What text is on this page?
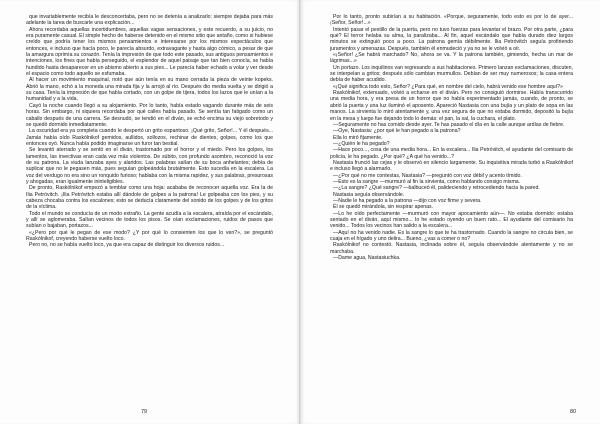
que invariablemente recibía le desconcertaba, pero no se detenía a analizarlo: siempre dejaba para más adelante la tarea de buscarle una explicación...

Ahora recordaba aquellas incertidumbres, aquellas vagas sensaciones, y este recuerdo, a su juicio, no era puramente casual. El simple hecho de haberse detenido en el mismo sitio que antaño, como si hubiese creído que podría tener los mismos pensamientos e interesarse por los mismos espectáculos que entonces, e incluso que hacía poco, le parecía absurdo, extravagante y hasta algo cómico, a pesar de que la amargura oprimía su corazón. Tenía la impresión de que todo este pasado, sus antiguos pensamientos e intenciones, los fines que había perseguido, el esplendor de aquel paisaje que tan bien conocía, se había hundido hasta desaparecer en un abismo abierto a sus pies... Le parecía haber echado a volar y ver desde el espacio como todo aquello se esfumaba.

Al hacer un movimiento maquinal, notó que aún tenía en su mano cerrada la pieza de veinte kopeks. Abrió la mano, echó a la moneda una mirada fija y la arrojó al río. Después dio media vuelta y se dirigió a su casa. Tenía la impresión de que había cortado, con un golpe de tijera, todos los lazos que le unían a la humanidad y a la vida.

Cayó la noche cuando llegó a su alojamiento. Por lo tanto, había estado vagando durante más de seis horas. Sin embargo, ni siquiera recordaba por qué calles había pasado. Se sentía tan fatigado como un caballo después de una carrera. Se desnudó, se tendió en el diván, se echó encima su viejo sobretodo y se quedó dormido inmediatamente.

La oscuridad era ya completa cuando le despertó un grito espantoso. ¡Qué grito, Señor!... Y él después... Jamás había oído Raskólnikof gemidos, aullidos, sollozos, rechinar de dientes, golpes, como los que entonces oyó. Nunca había podido imaginarse un furor tan bestial.

Se levantó aterrado y se sentó en el diván, trastornado por el horror y el miedo. Pero los golpes, los lamentos, las invectivas eran cada vez más violentos. De súbito, con profundo asombro, reconoció la voz de su patrona. La viuda lanzaba ayes y alaridos. Las palabras salían de su boca anhelantes; debía de suplicar que no le pegasen más, pues seguían golpeándola brutalmente. Esto sucedía en la escalera. La voz del verdugo no era sino un ronquido furioso; hablaba con la misma rapidez, y sus palabras, presurosas y ahogadas, eran igualmente ininteligibles.

De pronto, Raskólnikof empezó a temblar como una hoja: acababa de reconocer aquella voz. Era la de Ilia Petróvitch. ¡Ilia Petróvitch estaba allí dándole de golpes a la patrona! Le golpeaba con los pies, y su cabeza chocaba contra los escalones; esto se deducía claramente del sonido de los golpes y de los gritos de la víctima.

Todo el mundo se conducía de un modo extraño. La gente acudía a la escalera, atraída por el escándalo, y allí se aglomeraba. Salían vecinos de todos los pisos. Se oían exclamaciones, ruidos de pasos que subían o bajaban, portazos...

«¿Pero por qué le pegan de ese modo? ¿Y por qué lo consienten los que lo ven?», se preguntó Raskólnikof, creyendo haberse vuelto loco.

Pero no, no se había vuelto loco, ya que era capaz de distinguir los diversos ruidos...

79

Por lo tanto, pronto subirían a su habitación. «Porque, seguramente, todo esto es por lo de ayer... ¡Señor, Señor!...»

Intentó pasar el pestillo de la puerta, pero no tuvo fuerzas para levantar el brazo. Por otra parte, ¿para qué? El terror helaba su alma, la paralizaba... Al fin, aquel escándalo que había durado diez largos minutos se extinguió poco a poco. La patrona gemía débilmente. Ilia Petróvitch seguía profiriendo juramentos y amenazas. Después, también él enmudeció y ya no se le volvió a oír.

«¡Señor! ¿Se habrá marchado? No, ahora se va. Y la patrona también, gimiendo, hecha un mar de lágrimas...»

Un portazo. Los inquilinos van regresando a sus habitaciones. Primero lanzan exclamaciones, discuten, se interpelan a gritos; después sólo cambian murmullos. Debían de ser muy numerosos; la casa entera debía de haber acudido.

«¡Qué significa todo esto, Señor? ¿Para qué, en nombre del cielo, habrá venido ese hombre aquí?»

Raskólnikof, extenuado, volvió a echarse en el diván. Pero no consiguió dormirse. Había transcurrido una media hora, y era presa de un horror que no había experimentado jamás, cuando, de pronto, se abrió la puerta y una luz iluminó el aposento. Apareció Nastasia con una bujía y un plato de sopa en las manos. La sirvienta lo miró atentamente y, una vez segura de que no estaba dormido, depositó la bujía en la mesa y luego fue dejando todo lo demás: el pan, la sal, la cuchara, el plato.

—Seguramente no has comido desde ayer. Te has pasado el día en la calle aunque ardías de fiebre.

—Oye, Nastasia: ¿por qué le han pegado a la patrona?

Ella lo miró fijamente.

—¿Quién le ha pegado?

—Hace poco..., cosa de una media hora... En la escalera... Ilia Petróvitch, el ayudante del comisario de policía, le ha pegado. ¿Por qué? ¿A qué ha venido...?

Nastasia frunció las cejas y le observó en silencio largamente. Su inquisitiva mirada turbó a Raskólnikof e incluso llegó a alarmarlo.

—¿Por qué no me contestas, Nastasia? —preguntó con voz débil y acento tímido.

—Esto es la sangre —murmuró al fin la sirvienta, como hablando consigo misma.

—¿La sangre? ¿Qué sangre? —balbuceó él, palideciendo y retrocediendo hacia la pared.

Nastasia seguía observándole.

—Nadie le ha pegado a la patrona —dijo con voz firme y severa.

Él se quedó mirándola, sin respirar apenas.

—Lo he oído perfectamente —murmuró con mayor apocamiento aún—. No estaba dormido: estaba sentado en el diván, aquí mismo... Io he estado oyendo un buen rato... El ayudante del comisario ha venido... Todos los vecinos han salido a la escalera...

—Aquí no ha venido nadie. Es la sangre lo que te ha trastornado. Cuando la sangre no circula bien, se cuaja en el hígado y uno delira... Bueno, ¿vas a comer o no?

Raskólnikof no contestó. Nastasia, inclinada sobre él, seguía observándole atentamente y no se marchaba.

—Dame agua, Nastasiuchka.

80
